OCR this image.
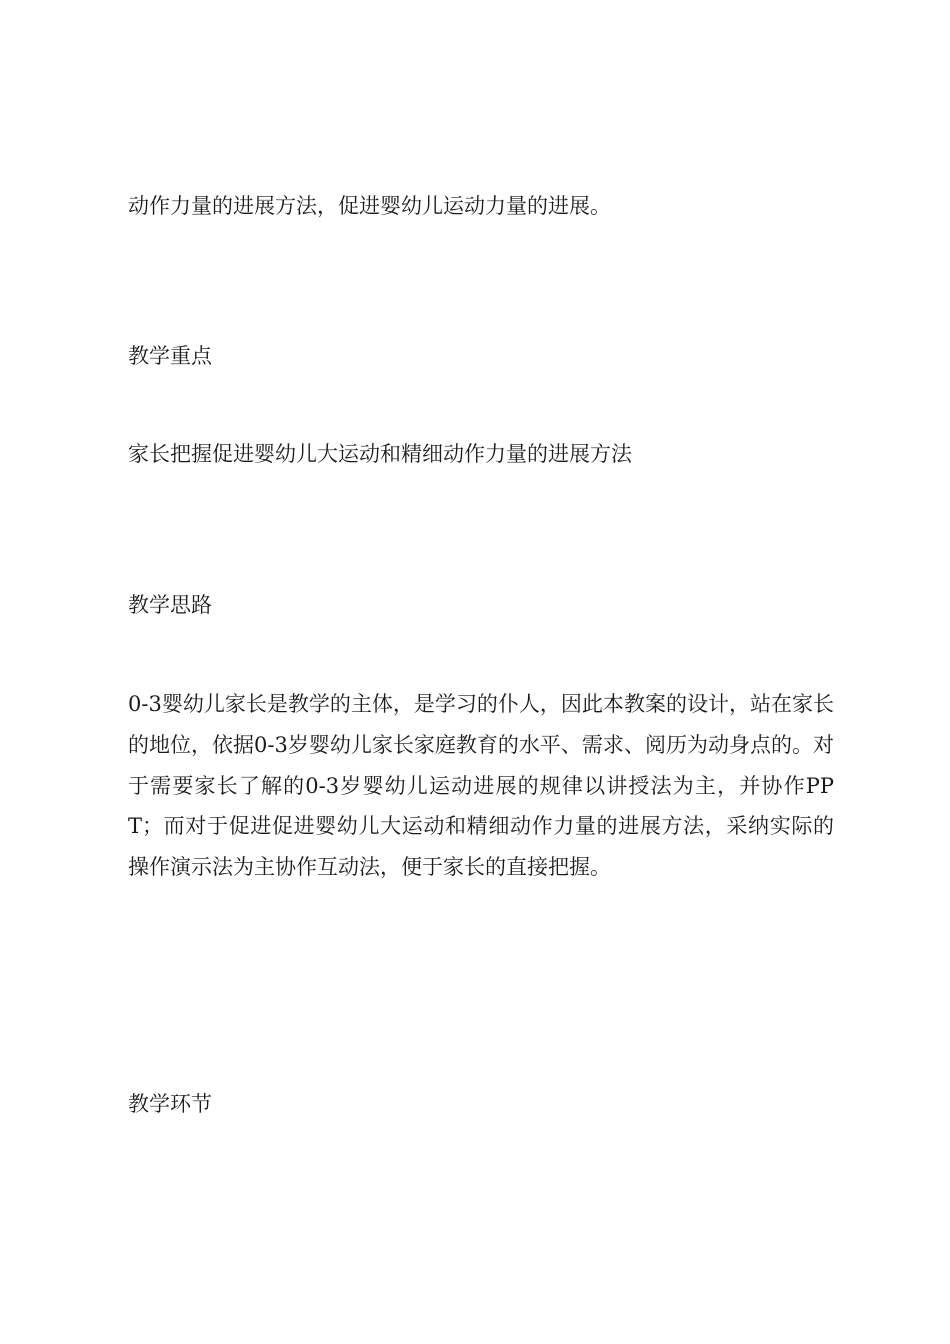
动作力量的进展方法，促进婴幼儿运动力量的进展。

教学重点

家长把握促进婴幼儿大运动和精细动作力量的进展方法

教学思路

0-3婴幼儿家长是教学的主体，是学习的仆人，因此本教案的设计，站在家长的地位，依据0-3岁婴幼儿家长家庭教育的水平、需求、阅历为动身点的。对于需要家长了解的0-3岁婴幼儿运动进展的规律以讲授法为主，并协作PPT；而对于促进促进婴幼儿大运动和精细动作力量的进展方法，采纳实际的操作演示法为主协作互动法，便于家长的直接把握。

教学环节
